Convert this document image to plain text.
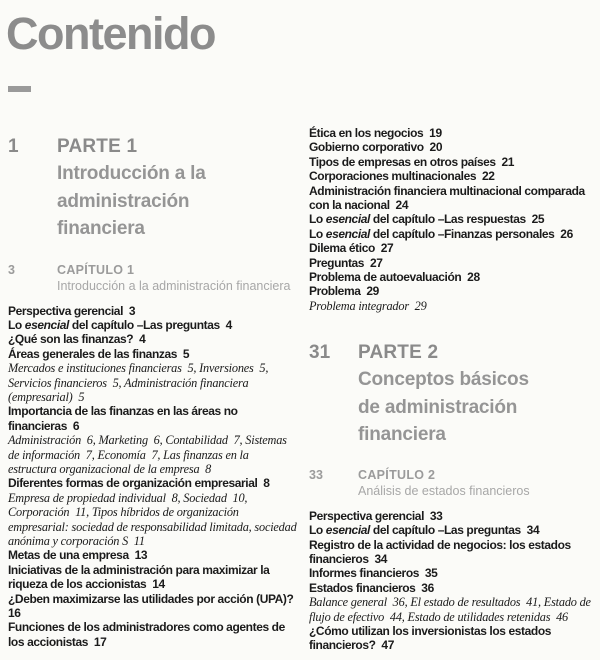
Contenido
1	PARTE 1
Introducción a la administración financiera
3	CAPÍTULO 1
Introducción a la administración financiera
Perspectiva gerencial  3
Lo esencial del capítulo –Las preguntas  4
¿Qué son las finanzas?  4
Áreas generales de las finanzas  5
Mercados e instituciones financieras  5, Inversiones  5, Servicios financieros  5, Administración financiera (empresarial)  5
Importancia de las finanzas en las áreas no financieras  6
Administración  6, Marketing  6, Contabilidad  7, Sistemas de información  7, Economía  7, Las finanzas en la estructura organizacional de la empresa  8
Diferentes formas de organización empresarial  8
Empresa de propiedad individual  8, Sociedad  10, Corporación  11, Tipos híbridos de organización empresarial: sociedad de responsabilidad limitada, sociedad anónima y corporación S  11
Metas de una empresa  13
Iniciativas de la administración para maximizar la riqueza de los accionistas  14
¿Deben maximizarse las utilidades por acción (UPA)?  16
Funciones de los administradores como agentes de los accionistas  17
Ética en los negocios  19
Gobierno corporativo  20
Tipos de empresas en otros países  21
Corporaciones multinacionales  22
Administración financiera multinacional comparada con la nacional  24
Lo esencial del capítulo –Las respuestas  25
Lo esencial del capítulo –Finanzas personales  26
Dilema ético  27
Preguntas  27
Problema de autoevaluación  28
Problema  29
Problema integrador  29
31	PARTE 2
Conceptos básicos de administración financiera
33	CAPÍTULO 2
Análisis de estados financieros
Perspectiva gerencial  33
Lo esencial del capítulo –Las preguntas  34
Registro de la actividad de negocios: los estados financieros  34
Informes financieros  35
Estados financieros  36
Balance general  36, El estado de resultados  41, Estado de flujo de efectivo  44, Estado de utilidades retenidas  46
¿Cómo utilizan los inversionistas los estados financieros?  47
